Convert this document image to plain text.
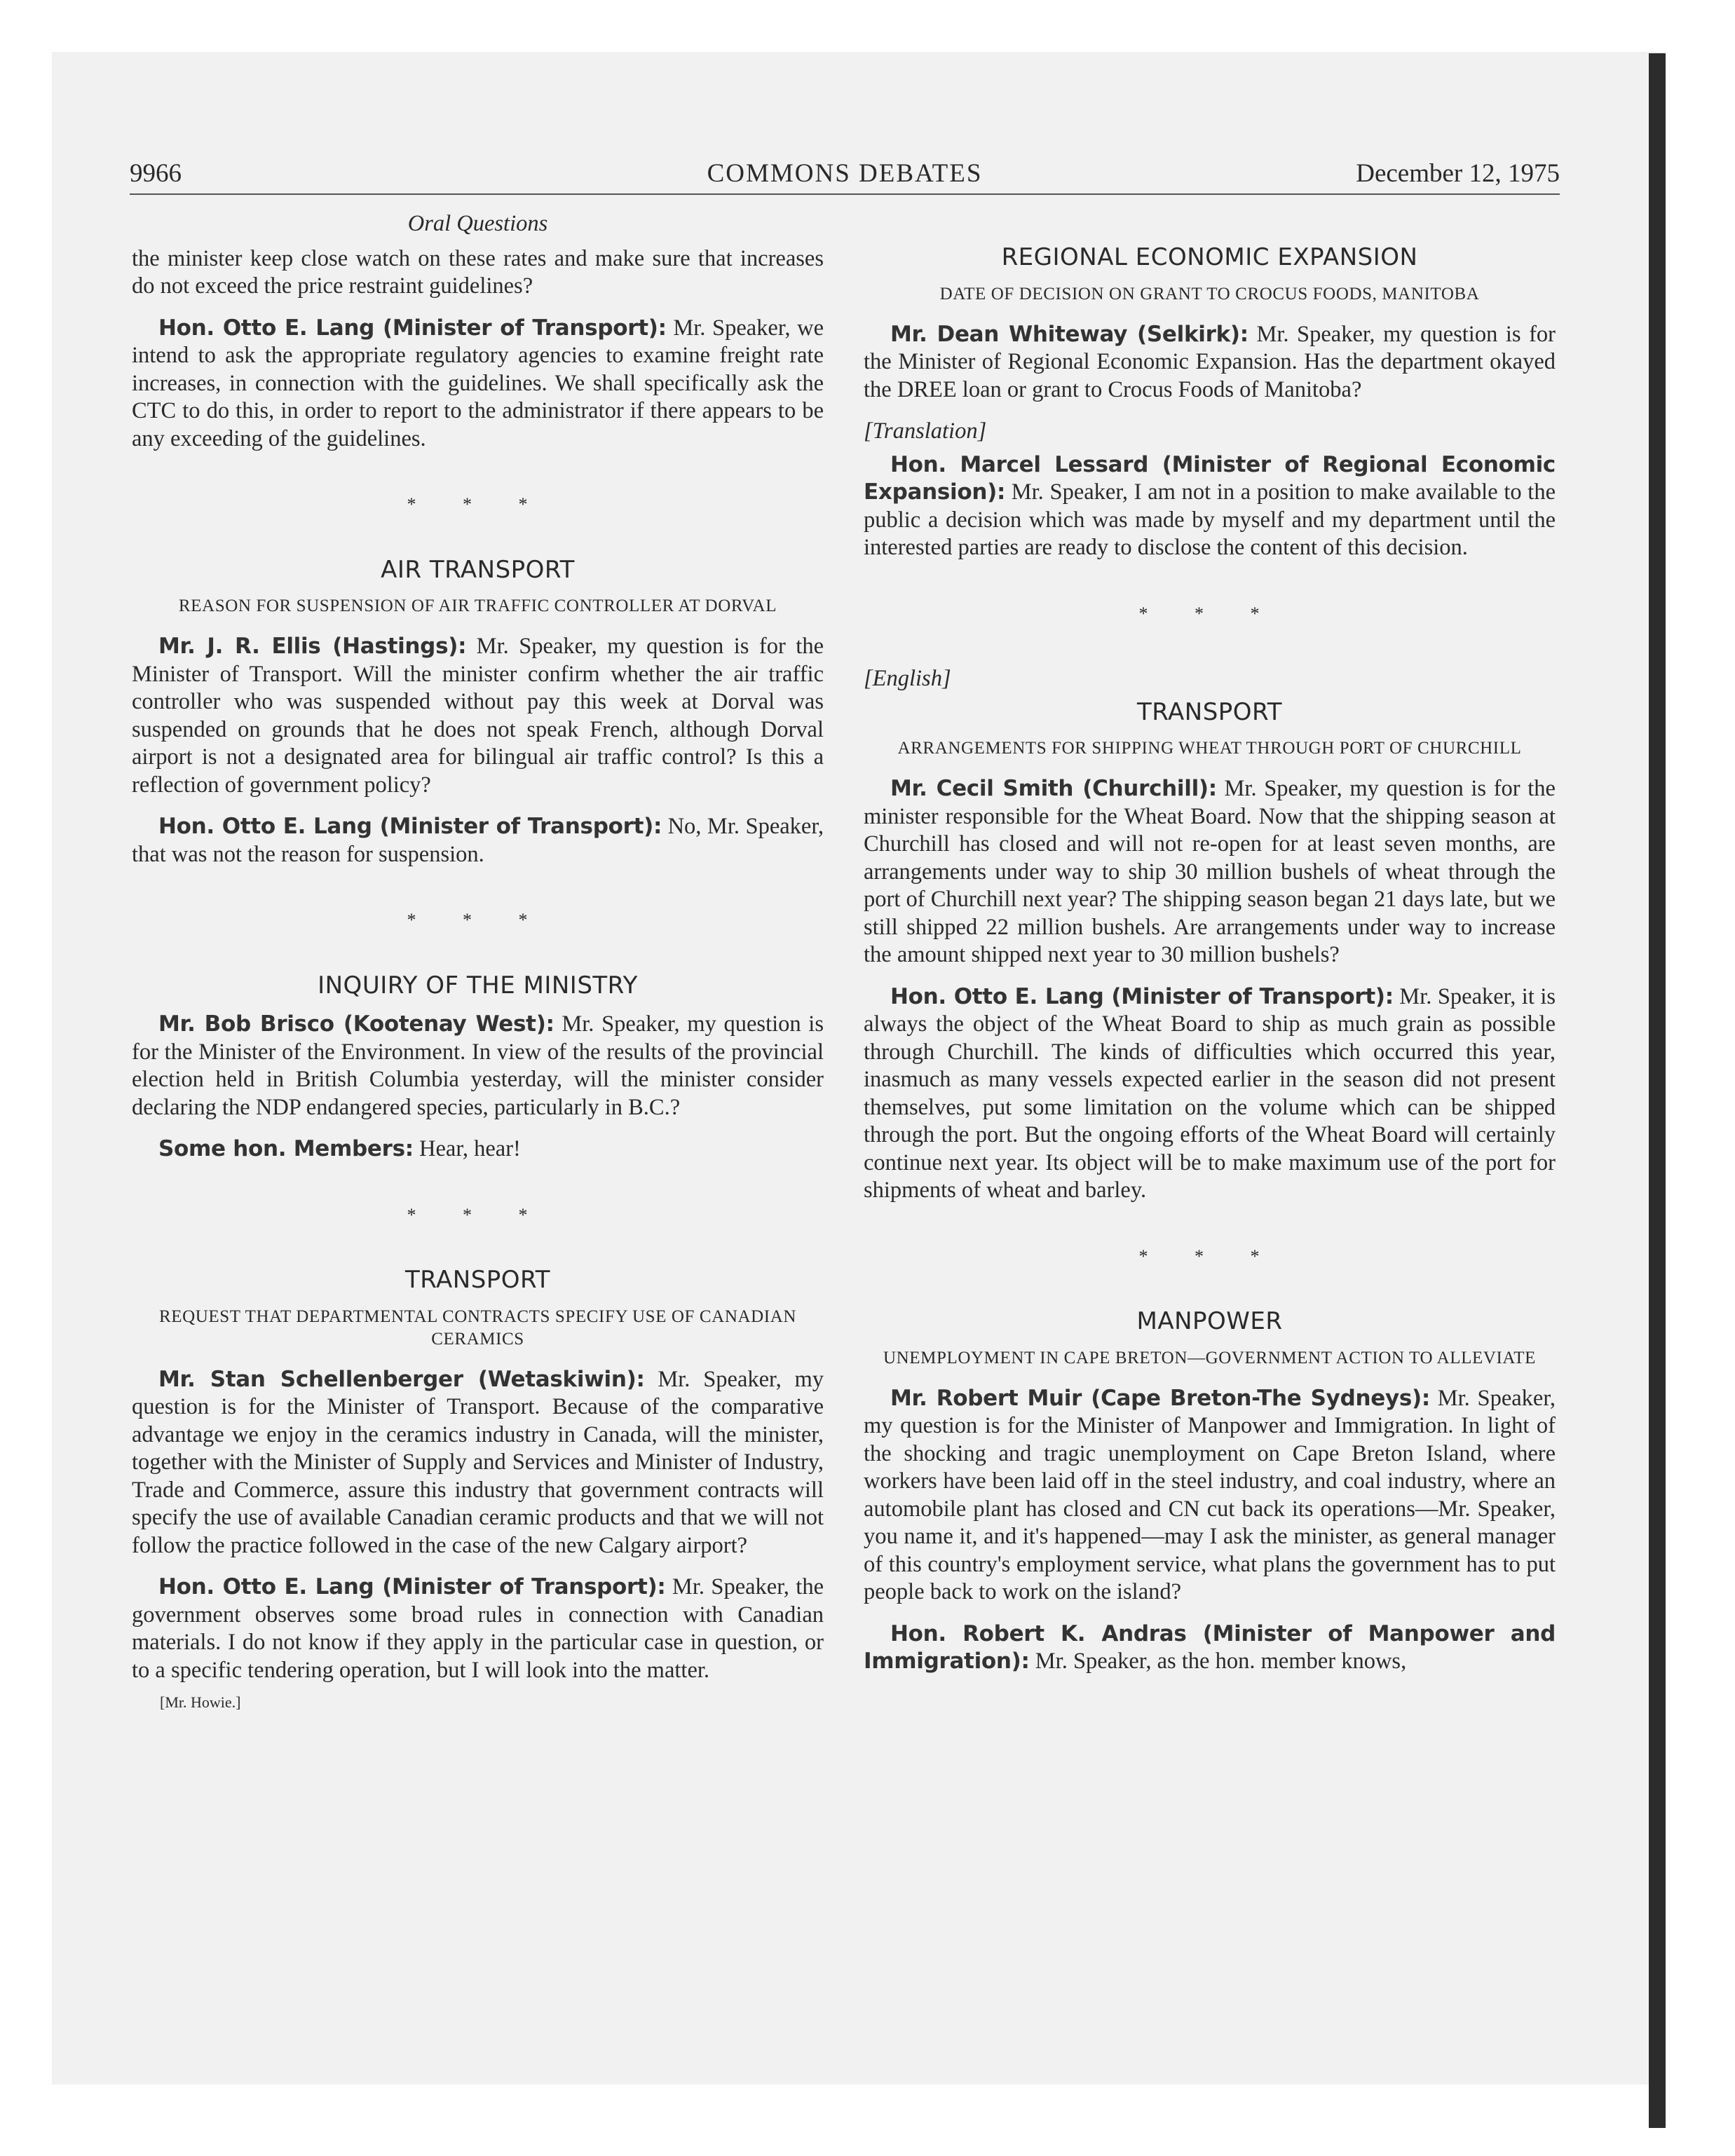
9966	COMMONS DEBATES	December 12, 1975
Oral Questions

the minister keep close watch on these rates and make sure that increases do not exceed the price restraint guidelines?

Hon. Otto E. Lang (Minister of Transport): Mr. Speaker, we intend to ask the appropriate regulatory agencies to examine freight rate increases, in connection with the guidelines. We shall specifically ask the CTC to do this, in order to report to the administrator if there appears to be any exceeding of the guidelines.

* * *
AIR TRANSPORT
REASON FOR SUSPENSION OF AIR TRAFFIC CONTROLLER AT DORVAL

Mr. J. R. Ellis (Hastings): Mr. Speaker, my question is for the Minister of Transport. Will the minister confirm whether the air traffic controller who was suspended without pay this week at Dorval was suspended on grounds that he does not speak French, although Dorval airport is not a designated area for bilingual air traffic control? Is this a reflection of government policy?

Hon. Otto E. Lang (Minister of Transport): No, Mr. Speaker, that was not the reason for suspension.

* * *
INQUIRY OF THE MINISTRY

Mr. Bob Brisco (Kootenay West): Mr. Speaker, my question is for the Minister of the Environment. In view of the results of the provincial election held in British Columbia yesterday, will the minister consider declaring the NDP endangered species, particularly in B.C.?

Some hon. Members: Hear, hear!

* * *
TRANSPORT
REQUEST THAT DEPARTMENTAL CONTRACTS SPECIFY USE OF CANADIAN CERAMICS

Mr. Stan Schellenberger (Wetaskiwin): Mr. Speaker, my question is for the Minister of Transport. Because of the comparative advantage we enjoy in the ceramics industry in Canada, will the minister, together with the Minister of Supply and Services and Minister of Industry, Trade and Commerce, assure this industry that government contracts will specify the use of available Canadian ceramic products and that we will not follow the practice followed in the case of the new Calgary airport?

Hon. Otto E. Lang (Minister of Transport): Mr. Speaker, the government observes some broad rules in connection with Canadian materials. I do not know if they apply in the particular case in question, or to a specific tendering operation, but I will look into the matter.

[Mr. Howie.]
REGIONAL ECONOMIC EXPANSION
DATE OF DECISION ON GRANT TO CROCUS FOODS, MANITOBA

Mr. Dean Whiteway (Selkirk): Mr. Speaker, my question is for the Minister of Regional Economic Expansion. Has the department okayed the DREE loan or grant to Crocus Foods of Manitoba?

[Translation]

Hon. Marcel Lessard (Minister of Regional Economic Expansion): Mr. Speaker, I am not in a position to make available to the public a decision which was made by myself and my department until the interested parties are ready to disclose the content of this decision.

* * *
[English]
TRANSPORT
ARRANGEMENTS FOR SHIPPING WHEAT THROUGH PORT OF CHURCHILL

Mr. Cecil Smith (Churchill): Mr. Speaker, my question is for the minister responsible for the Wheat Board. Now that the shipping season at Churchill has closed and will not re-open for at least seven months, are arrangements under way to ship 30 million bushels of wheat through the port of Churchill next year? The shipping season began 21 days late, but we still shipped 22 million bushels. Are arrangements under way to increase the amount shipped next year to 30 million bushels?

Hon. Otto E. Lang (Minister of Transport): Mr. Speaker, it is always the object of the Wheat Board to ship as much grain as possible through Churchill. The kinds of difficulties which occurred this year, inasmuch as many vessels expected earlier in the season did not present themselves, put some limitation on the volume which can be shipped through the port. But the ongoing efforts of the Wheat Board will certainly continue next year. Its object will be to make maximum use of the port for shipments of wheat and barley.

* * *
MANPOWER
UNEMPLOYMENT IN CAPE BRETON—GOVERNMENT ACTION TO ALLEVIATE

Mr. Robert Muir (Cape Breton-The Sydneys): Mr. Speaker, my question is for the Minister of Manpower and Immigration. In light of the shocking and tragic unemployment on Cape Breton Island, where workers have been laid off in the steel industry, and coal industry, where an automobile plant has closed and CN cut back its operations—Mr. Speaker, you name it, and it's happened—may I ask the minister, as general manager of this country's employment service, what plans the government has to put people back to work on the island?

Hon. Robert K. Andras (Minister of Manpower and Immigration): Mr. Speaker, as the hon. member knows,
